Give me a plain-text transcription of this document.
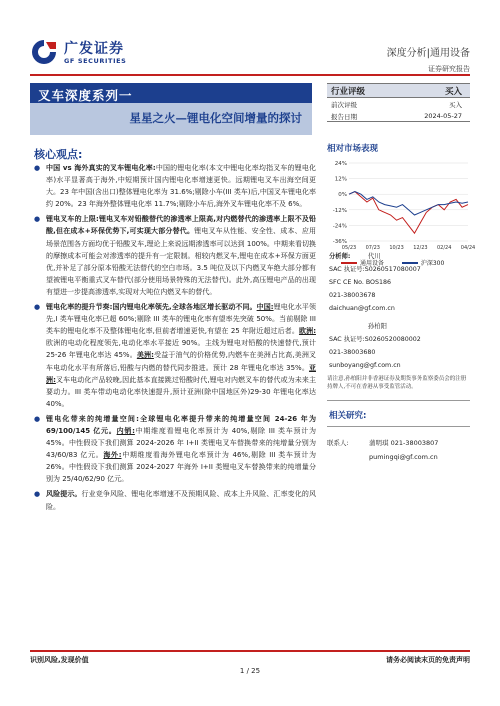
广发证券
GF SECURITIES
深度分析|通用设备
证券研究报告
叉车深度系列一
星星之火—锂电化空间增量的探讨
行业评级	买入
前次评级	买入
报告日期	2024-05-27
核心观点:
● 中国 vs 海外真实的叉车锂电化率:中国的锂电化率(本文中锂电化率均指叉车的锂电化率)水平显著高于海外,中短期预计国内锂电化率增速更快。远期锂电叉车出海空间更大。23 年中国(含出口)整体锂电化率为 31.6%;剔除小车(III 类车)后,中国叉车锂电化率约 20%。23 年海外整体锂电化率 11.7%;剔除小车后,海外叉车锂电化率不及 6%。
● 锂电叉车的上限:锂电叉车对铅酸替代的渗透率上限高,对内燃替代的渗透率上限不及铅酸,但在成本+环保优势下,可实现大部分替代。锂电叉车从性能、安全性、成本、应用场景范围各方面均优于铅酸叉车,理论上来说远期渗透率可以达到 100%。中期来看切换的摩擦成本可能会对渗透率的提升有一定限制。相较内燃叉车,锂电在成本+环保方面更优,并补足了部分原本铅酸无法替代的空白市场。3.5 吨位及以下内燃叉车绝大部分都有望被锂电平衡重式叉车替代(部分使用场景特殊的无法替代)。此外,高压锂电产品的出现有望进一步提高渗透率,实现对大吨位内燃叉车的替代。
● 锂电化率的提升节奏:国内锂电化率领先,全球各地区增长驱动不同。中国:锂电化水平领先,I 类车锂电化率已超 60%;剔除 III 类车的锂电化率有望率先突破 50%。当前剔除 III 类车的锂电化率不及整体锂电化率,但前者增速更快,有望在 25 年附近超过后者。欧洲:欧洲的电动化程度领先,电动化率水平接近 90%。主线为锂电对铅酸的快速替代,预计 25-26 年锂电化率达 45%。美洲:受益于油气的价格优势,内燃车在美洲占比高,美洲叉车电动化水平有所落后,铅酸与内燃的替代同步推进。预计 28 年锂电化率达 35%。亚洲:叉车电动化产品较晚,因此基本直接跳过铅酸时代,锂电对内燃叉车的替代或为未来主要动力。III 类车带动电动化率快速提升,预计亚洲(除中国地区外)29-30 年锂电化率达 40%。
● 锂电化带来的纯增量空间:全球锂电化率提升带来的纯增量空间 24-26 年为 69/100/145 亿元。内销:中期维度看锂电化率预计为 40%,剔除 III 类车预计为 45%。中性假设下我们测算 2024-2026 年 I+II 类锂电叉车替换带来的纯增量分别为 43/60/83 亿元。海外:中期维度看海外锂电化率预计为 46%,剔除 III 类车预计为 26%。中性假设下我们测算 2024-2027 年海外 I+II 类锂电叉车替换带来的纯增量分别为 25/40/62/90 亿元。
● 风险提示。行业竞争风险、锂电化率增速不及预期风险、成本上升风险、汇率变化的风险。
相对市场表现
-36%
-24%
-12%
0%
12%
24%
05/23 07/23 10/23 12/23 02/24 04/24
通用设备	沪深300
分析师:	代川
SAC 执证号:S0260517080007
SFC CE No. BOS186
021-38003678
daichuan@gf.com.cn
孙柏阳
SAC 执证号:S0260520080002
021-38003680
sunboyang@gf.com.cn
请注意,孙柏阳并非香港证券及期货事务监察委员会的注册持牌人,不可在香港从事受监管活动。
相关研究:
联系人:	蒲明琪 021-38003807
pumingqi@gf.com.cn
识别风险,发现价值	请务必阅读末页的免责声明
1 / 25
